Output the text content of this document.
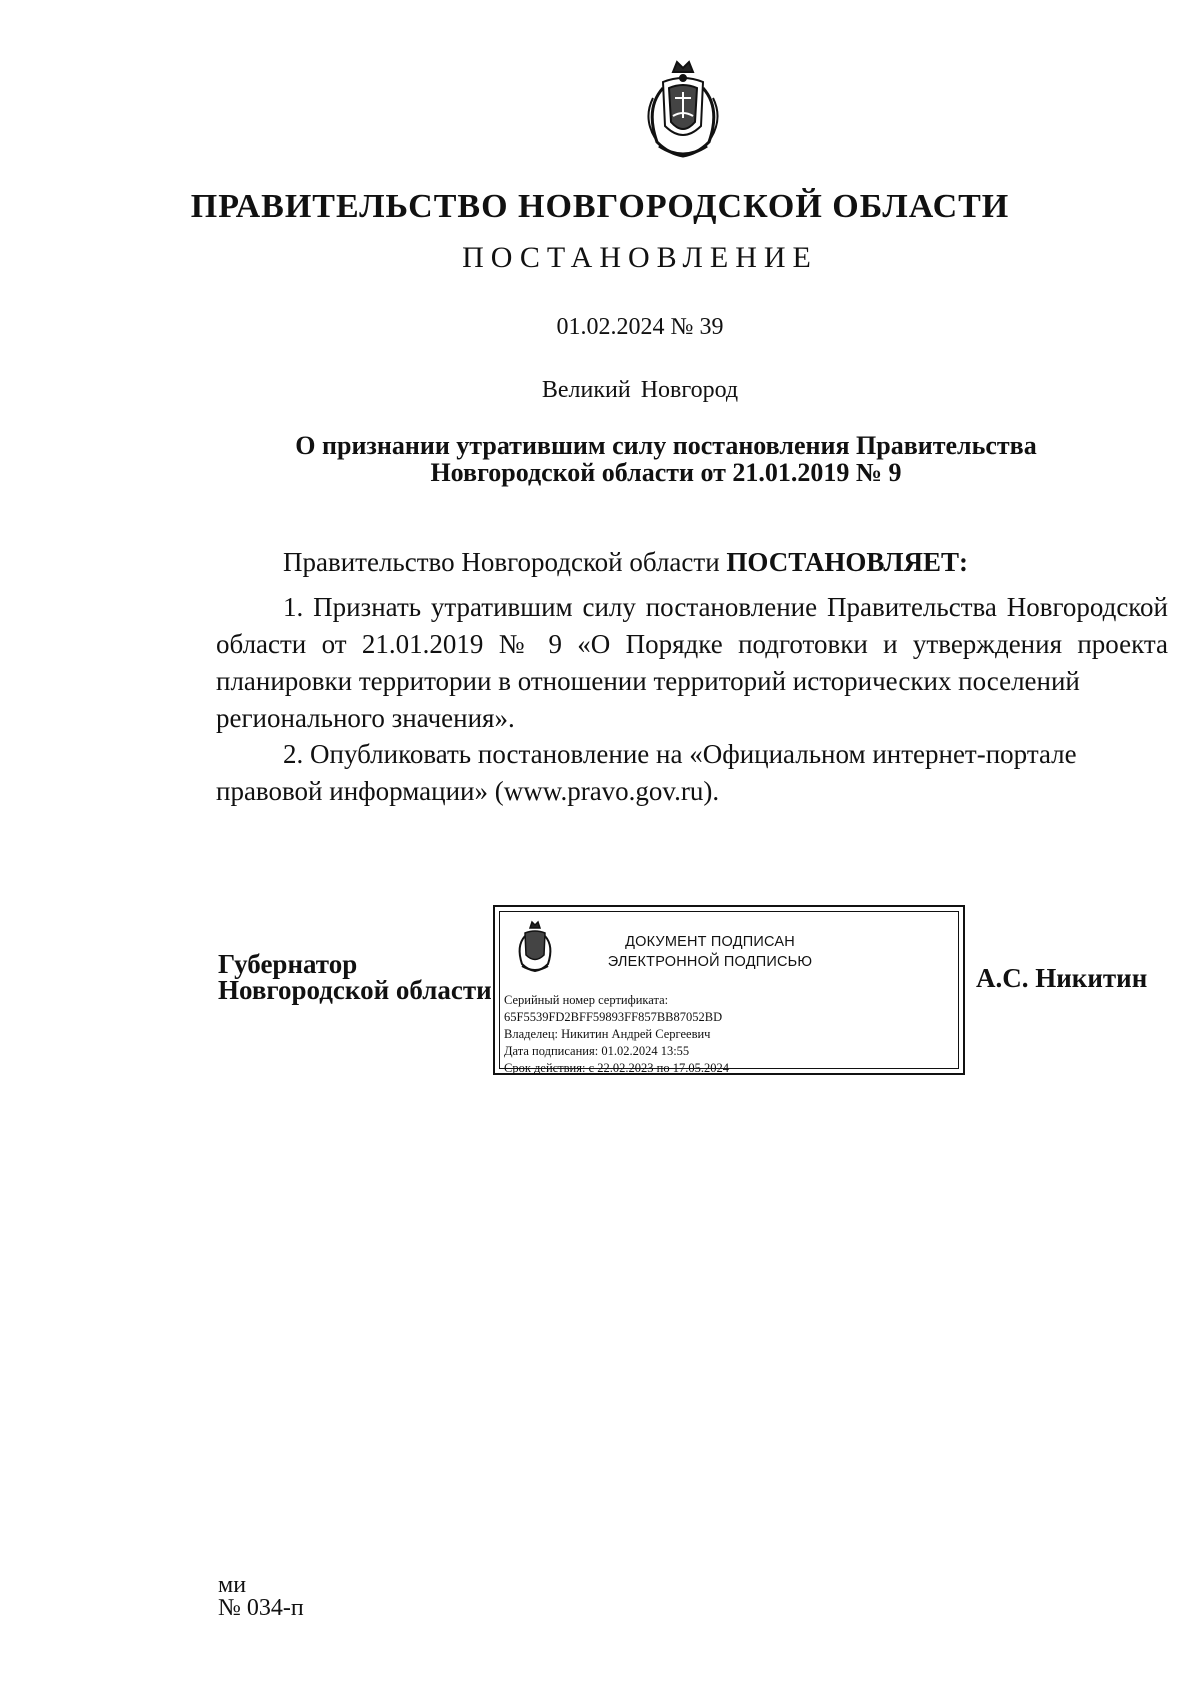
ПРАВИТЕЛЬСТВО НОВГОРОДСКОЙ ОБЛАСТИ
ПОСТАНОВЛЕНИЕ
01.02.2024 № 39
Великий Новгород
О признании утратившим силу постановления Правительства
Новгородской области от 21.01.2019 № 9
Правительство Новгородской области ПОСТАНОВЛЯЕТ:
1. Признать утратившим силу постановление Правительства Новгородской области от 21.01.2019 № 9 «О Порядке подготовки и утверждения проекта планировки территории в отношении территорий исторических поселений
регионального значения».
2. Опубликовать постановление на «Официальном интернет-портале
правовой информации» (www.pravo.gov.ru).
Губернатор
Новгородской области
ДОКУМЕНТ ПОДПИСАН
ЭЛЕКТРОННОЙ ПОДПИСЬЮ
Серийный номер сертификата:
65F5539FD2BFF59893FF857BB87052BD
Владелец: Никитин Андрей Сергеевич
Дата подписания: 01.02.2024 13:55
Срок действия: с 22.02.2023 по 17.05.2024
А.С. Никитин
ми
№ 034-п
